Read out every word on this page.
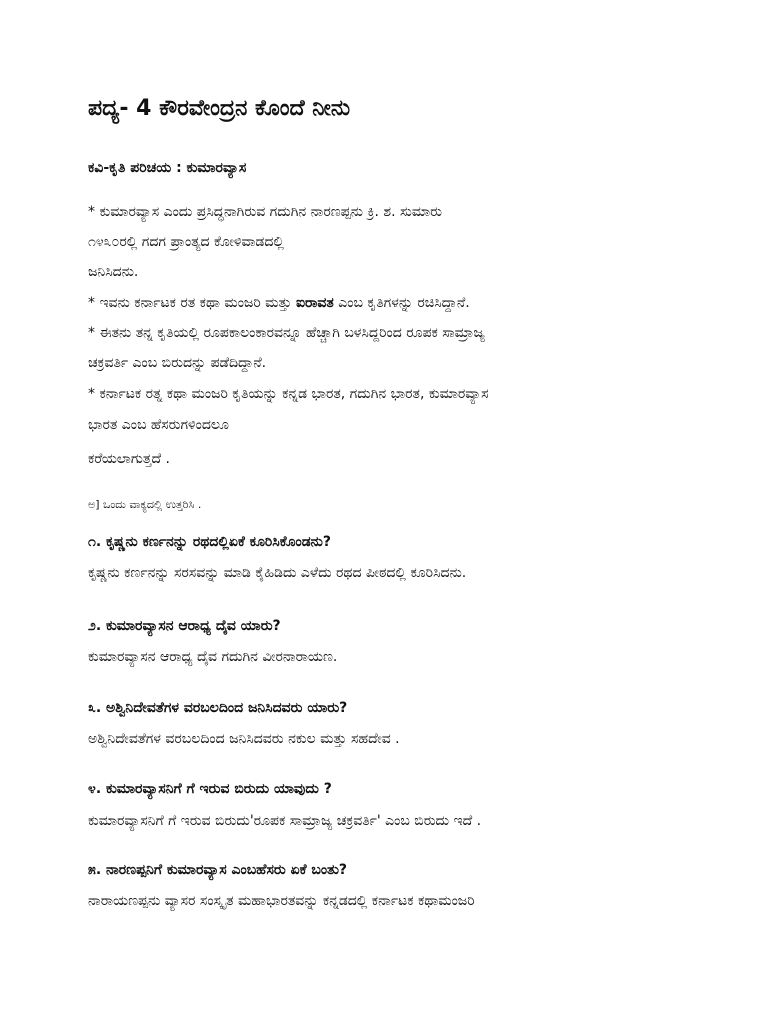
ಪದ್ಯ- 4 ಕೌರವೇಂದ್ರನ ಕೊಂದೆ ನೀನು
ಕವಿ-ಕೃತಿ ಪರಿಚಯ : ಕುಮಾರವ್ಯಾಸ
* ಕುಮಾರವ್ಯಾಸ ಎಂದು ಪ್ರಸಿದ್ಧನಾಗಿರುವ ಗದುಗಿನ ನಾರಣಪ್ಪನು ಕ್ರಿ. ಶ. ಸುಮಾರು
೧೪೩೦ರಲ್ಲಿ ಗದಗ ಪ್ರಾಂತ್ಯದ ಕೋಳಿವಾಡದಲ್ಲಿ
ಜನಿಸಿದನು.
* ಇವನು ಕರ್ನಾಟಕ ರತ ಕಥಾ ಮಂಜರಿ ಮತ್ತು ಐರಾವತ ಎಂಬ ಕೃತಿಗಳನ್ನು ರಚಿಸಿದ್ದಾನೆ.
* ಈತನು ತನ್ನ ಕೃತಿಯಲ್ಲಿ ರೂಪಕಾಲಂಕಾರವನ್ನೂ ಹೆಚ್ಚಾಗಿ ಬಳಸಿದ್ದರಿಂದ ರೂಪಕ ಸಾಮ್ರಾಜ್ಯ
ಚಕ್ರವರ್ತಿ ಎಂಬ ಬಿರುದನ್ನು ಪಡೆದಿದ್ದಾನೆ.
* ಕರ್ನಾಟಕ ರತ್ನ ಕಥಾ ಮಂಜರಿ ಕೃತಿಯನ್ನು ಕನ್ನಡ ಭಾರತ, ಗದುಗಿನ ಭಾರತ, ಕುಮಾರವ್ಯಾಸ
ಭಾರತ ಎಂಬ ಹೆಸರುಗಳಿಂದಲೂ
ಕರೆಯಲಾಗುತ್ತದೆ .
ಅ] ಒಂದು ವಾಕ್ಯದಲ್ಲಿ ಉತ್ತರಿಸಿ .
೧. ಕೃಷ್ಣನು ಕರ್ಣನನ್ನು ರಥದಲ್ಲಿಏಕೆ ಕೂರಿಸಿಕೊಂಡನು?
ಕೃಷ್ಣನು ಕರ್ಣನನ್ನು ಸರಸವನ್ನು ಮಾಡಿ ಕೈಹಿಡಿದು ಎಳೆದು ರಥದ ಪೀಠದಲ್ಲಿ ಕೂರಿಸಿದನು.
೨. ಕುಮಾರವ್ಯಾಸನ ಆರಾಧ್ಯ ದೈವ ಯಾರು?
ಕುಮಾರವ್ಯಾಸನ ಆರಾಧ್ಯ ದೈವ ಗದುಗಿನ ವೀರನಾರಾಯಣ.
೩. ಅಶ್ವಿನಿದೇವತೆಗಳ ವರಬಲದಿಂದ ಜನಿಸಿದವರು ಯಾರು?
ಅಶ್ವಿನಿದೇವತೆಗಳ ವರಬಲದಿಂದ ಜನಿಸಿದವರು ನಕುಲ ಮತ್ತು ಸಹದೇವ .
೪. ಕುಮಾರವ್ಯಾಸನಿಗೆ ಗೆ ಇರುವ ಬಿರುದು ಯಾವುದು ?
ಕುಮಾರವ್ಯಾಸನಿಗೆ ಗೆ ಇರುವ ಬಿರುದು'ರೂಪಕ ಸಾಮ್ರಾಜ್ಯ ಚಕ್ರವರ್ತಿ' ಎಂಬ ಬಿರುದು ಇದೆ .
೫. ನಾರಣಪ್ಪನಿಗೆ ಕುಮಾರವ್ಯಾಸ ಎಂಬಹೆಸರು ಏಕೆ ಬಂತು?
ನಾರಾಯಣಪ್ಪನು ವ್ಯಾಸರ ಸಂಸ್ಕೃತ ಮಹಾಭಾರತವನ್ನು ಕನ್ನಡದಲ್ಲಿ ಕರ್ನಾಟಕ ಕಥಾಮಂಜರಿ
